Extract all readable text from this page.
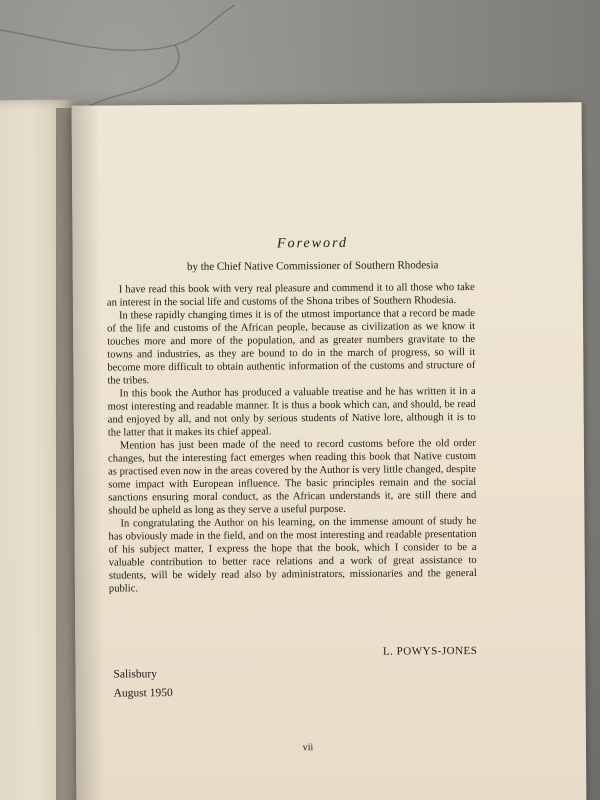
Foreword
by the Chief Native Commissioner of Southern Rhodesia

I have read this book with very real pleasure and commend it to all those who take an interest in the social life and customs of the Shona tribes of Southern Rhodesia.

In these rapidly changing times it is of the utmost importance that a record be made of the life and customs of the African people, because as civilization as we know it touches more and more of the population, and as greater numbers gravitate to the towns and industries, as they are bound to do in the march of progress, so will it become more difficult to obtain authentic information of the customs and structure of the tribes.

In this book the Author has produced a valuable treatise and he has written it in a most interesting and readable manner. It is thus a book which can, and should, be read and enjoyed by all, and not only by serious students of Native lore, although it is to the latter that it makes its chief appeal.

Mention has just been made of the need to record customs before the old order changes, but the interesting fact emerges when reading this book that Native custom as practised even now in the areas covered by the Author is very little changed, despite some impact with European influence. The basic principles remain and the social sanctions ensuring moral conduct, as the African understands it, are still there and should be upheld as long as they serve a useful purpose.

In congratulating the Author on his learning, on the immense amount of study he has obviously made in the field, and on the most interesting and readable presentation of his subject matter, I express the hope that the book, which I consider to be a valuable contribution to better race relations and a work of great assistance to students, will be widely read also by administrators, missionaries and the general public.

L. POWYS-JONES
Salisbury
August 1950
vii
